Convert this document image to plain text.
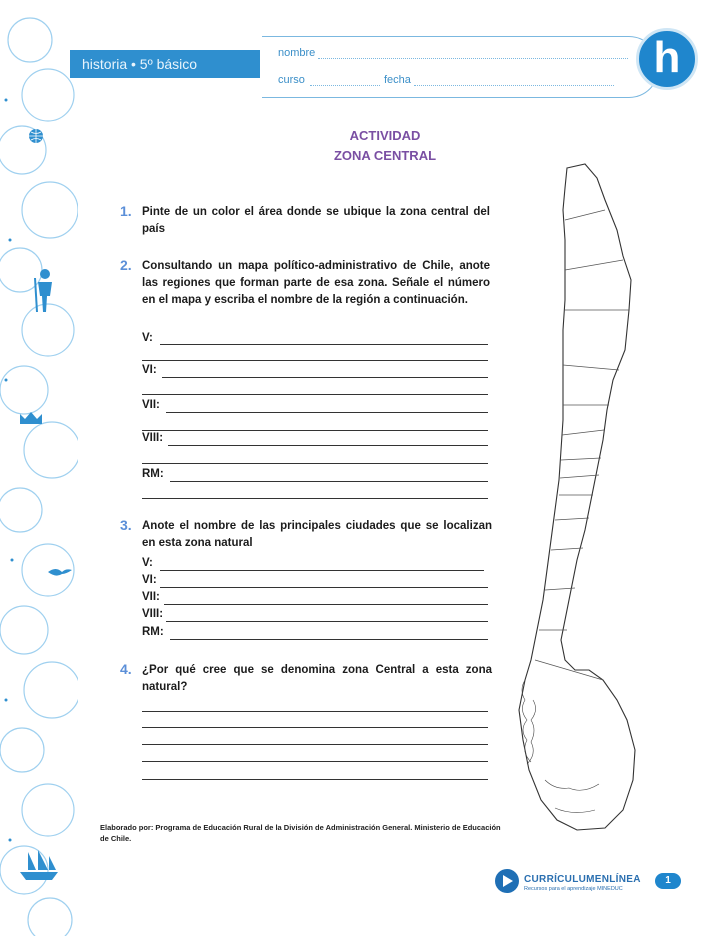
historia • 5º básico
nombre
curso	fecha	h
ACTIVIDAD
ZONA CENTRAL
1. Pinte de un color el área donde se ubique la zona central del país
2. Consultando un mapa político-administrativo de Chile, anote las regiones que forman parte de esa zona. Señale el número en el mapa y escriba el nombre de la región a continuación.
V:
VI:
VII:
VIII:
RM:
3. Anote el nombre de las principales ciudades que se localizan en esta zona natural
V:
VI:
VII:
VIII:
RM:
4. ¿Por qué cree que se denomina zona Central a esta zona natural?
Elaborado por: Programa de Educación Rural de la División de Administración General. Ministerio de Educación de Chile.
CURRÍCULUMENLÍNEA
Recursos para el aprendizaje MINEDUC
1
